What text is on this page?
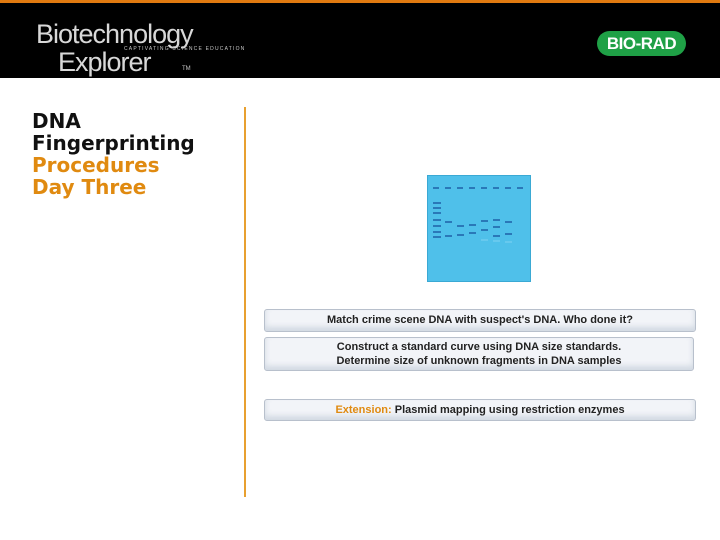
Biotechnology
Explorer	TM
CAPTIVATING SCIENCE EDUCATION	BIO-RAD
DNA
Fingerprinting
Procedures
Day Three
Match crime scene DNA with suspect's DNA. Who done it?
Construct a standard curve using DNA size standards.
Determine size of unknown fragments in DNA samples
Extension: Plasmid mapping using restriction enzymes
